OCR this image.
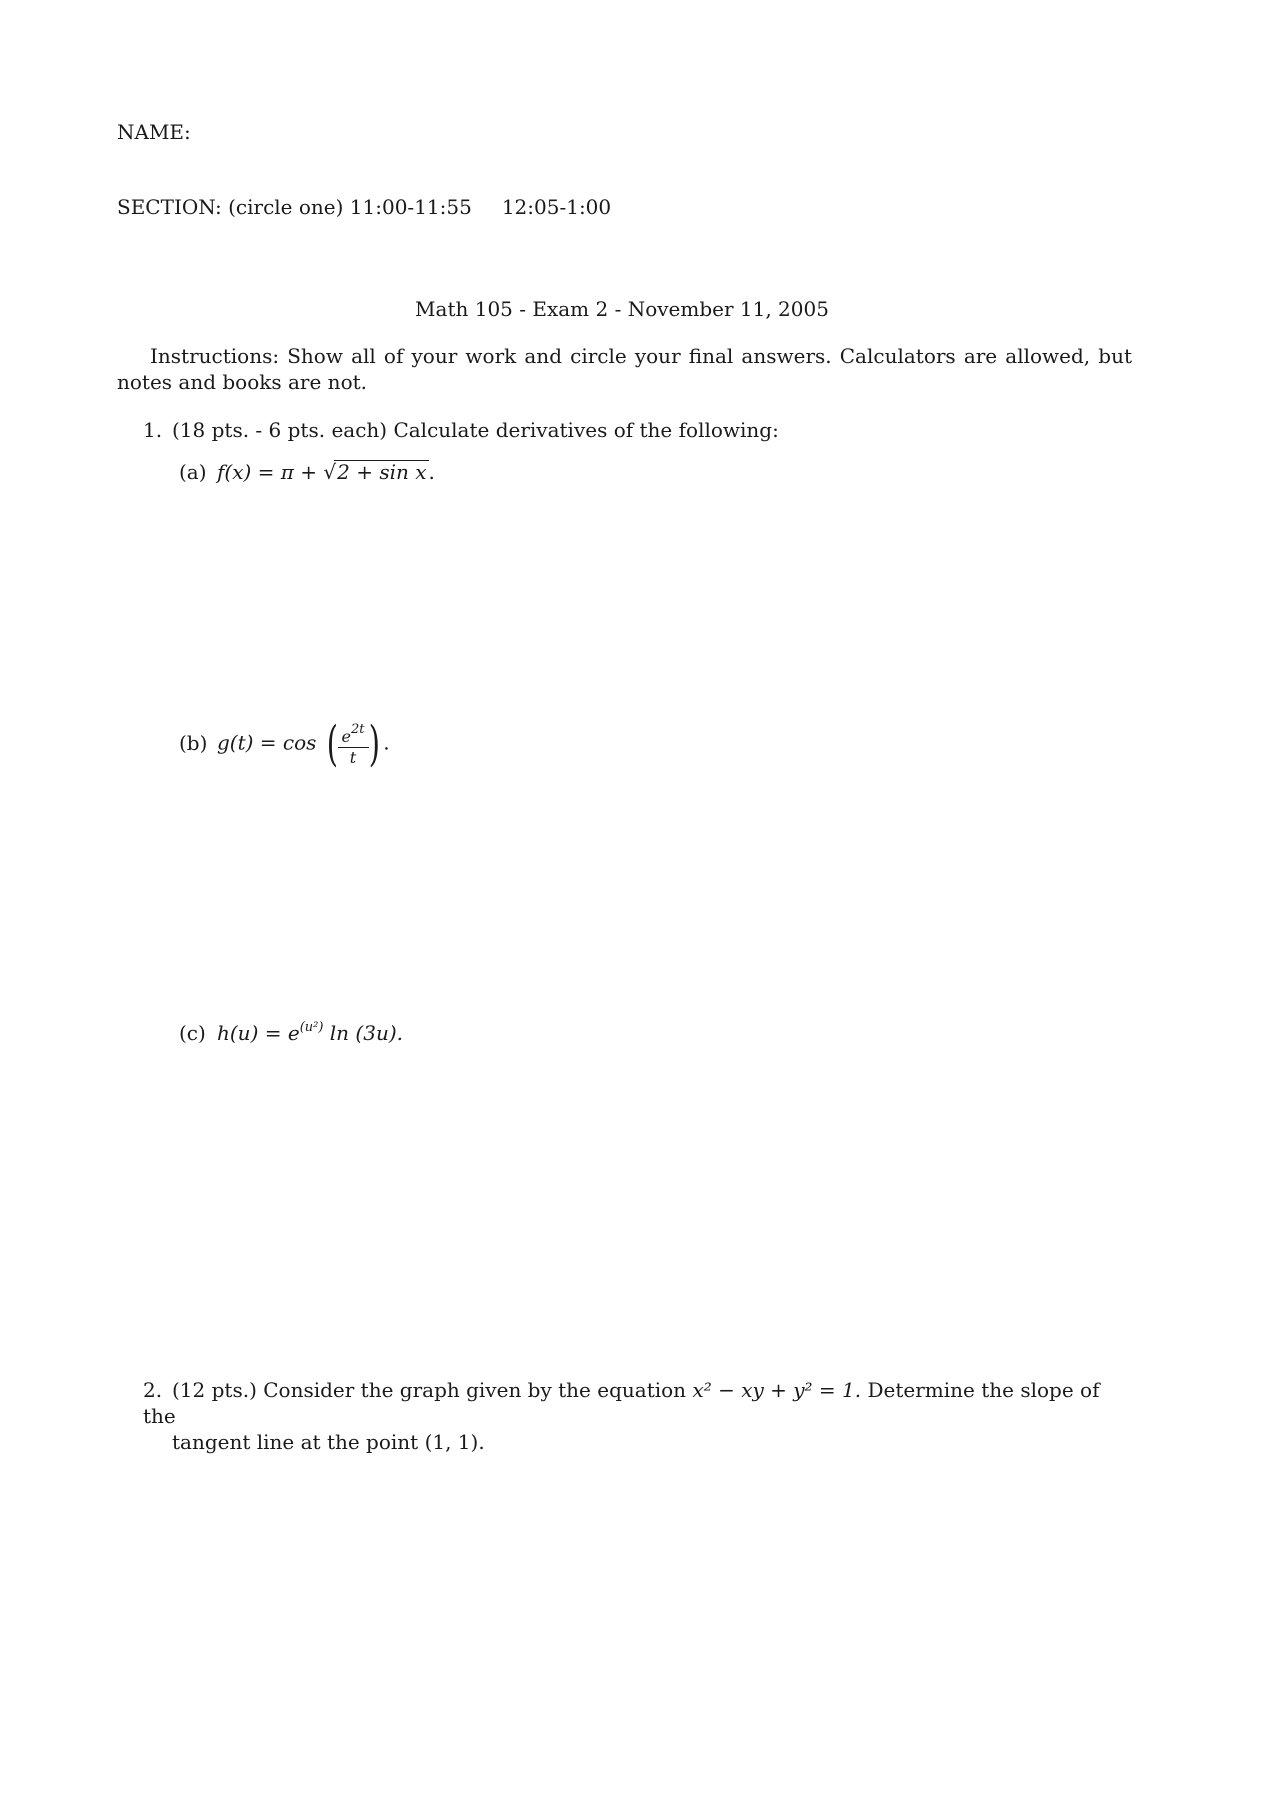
NAME:
SECTION: (circle one) 11:00-11:55 12:05-1:00
Math 105 - Exam 2 - November 11, 2005
Instructions: Show all of your work and circle your final answers. Calculators are allowed, but notes and books are not.
1. (18 pts. - 6 pts. each) Calculate derivatives of the following:
(a) f(x) = π + √2 + sin x .
(b) g(t) = cos ( $\frac{e^{2t}}{t}$ ) .
(c) $h(u) = e^{(u^2)}$ ln (3u).
2. (12 pts.) Consider the graph given by the equation x² − xy + y² = 1. Determine the slope of the
tangent line at the point (1, 1).
